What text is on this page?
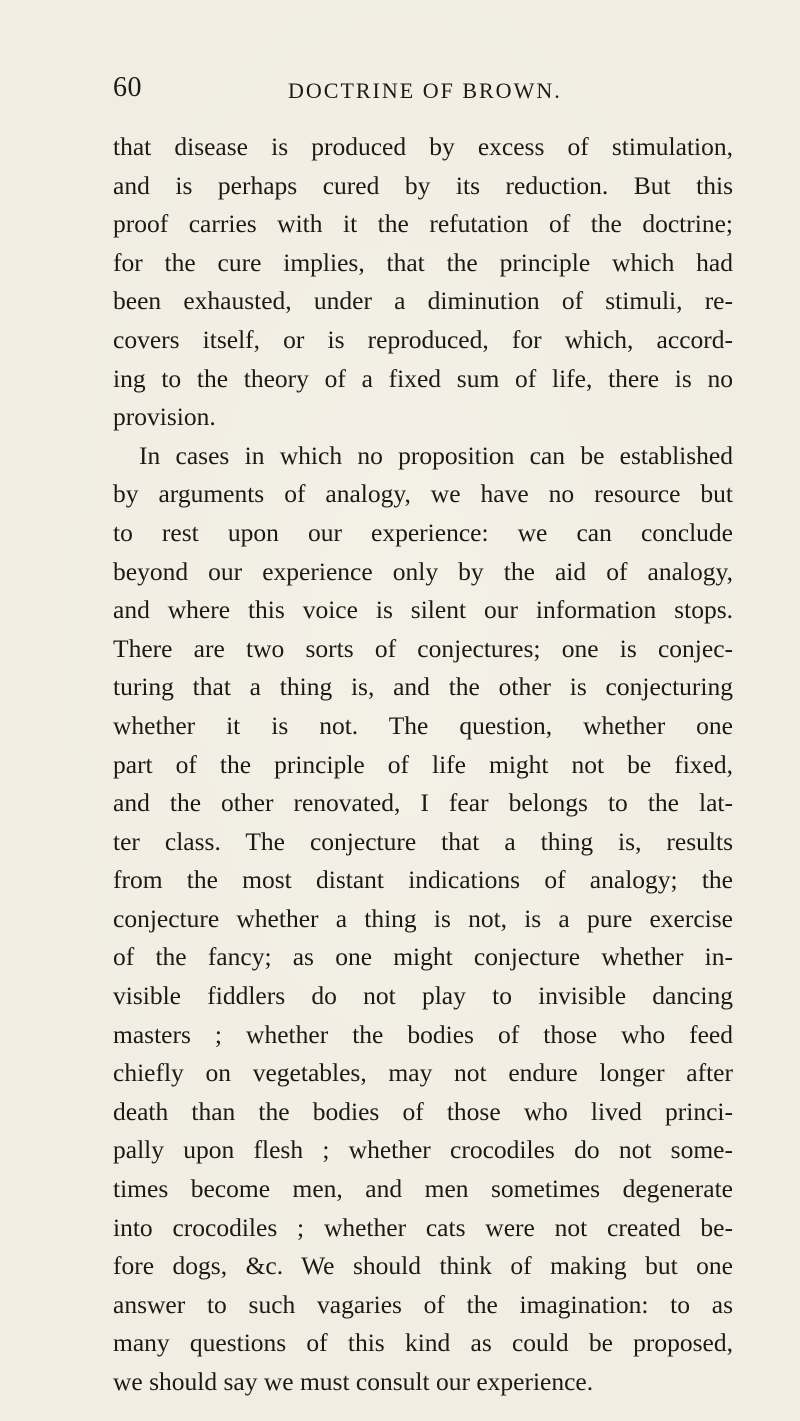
60	DOCTRINE OF BROWN.
that disease is produced by excess of stimulation,
and is perhaps cured by its reduction. But this
proof carries with it the refutation of the doctrine;
for the cure implies, that the principle which had
been exhausted, under a diminution of stimuli, re-
covers itself, or is reproduced, for which, accord-
ing to the theory of a fixed sum of life, there is no
provision.
In cases in which no proposition can be established
by arguments of analogy, we have no resource but
to rest upon our experience: we can conclude
beyond our experience only by the aid of analogy,
and where this voice is silent our information stops.
There are two sorts of conjectures; one is conjec-
turing that a thing is, and the other is conjecturing
whether it is not. The question, whether one
part of the principle of life might not be fixed,
and the other renovated, I fear belongs to the lat-
ter class. The conjecture that a thing is, results
from the most distant indications of analogy; the
conjecture whether a thing is not, is a pure exercise
of the fancy; as one might conjecture whether in-
visible fiddlers do not play to invisible dancing
masters ; whether the bodies of those who feed
chiefly on vegetables, may not endure longer after
death than the bodies of those who lived princi-
pally upon flesh ; whether crocodiles do not some-
times become men, and men sometimes degenerate
into crocodiles ; whether cats were not created be-
fore dogs, &c. We should think of making but one
answer to such vagaries of the imagination: to as
many questions of this kind as could be proposed,
we should say we must consult our experience.
